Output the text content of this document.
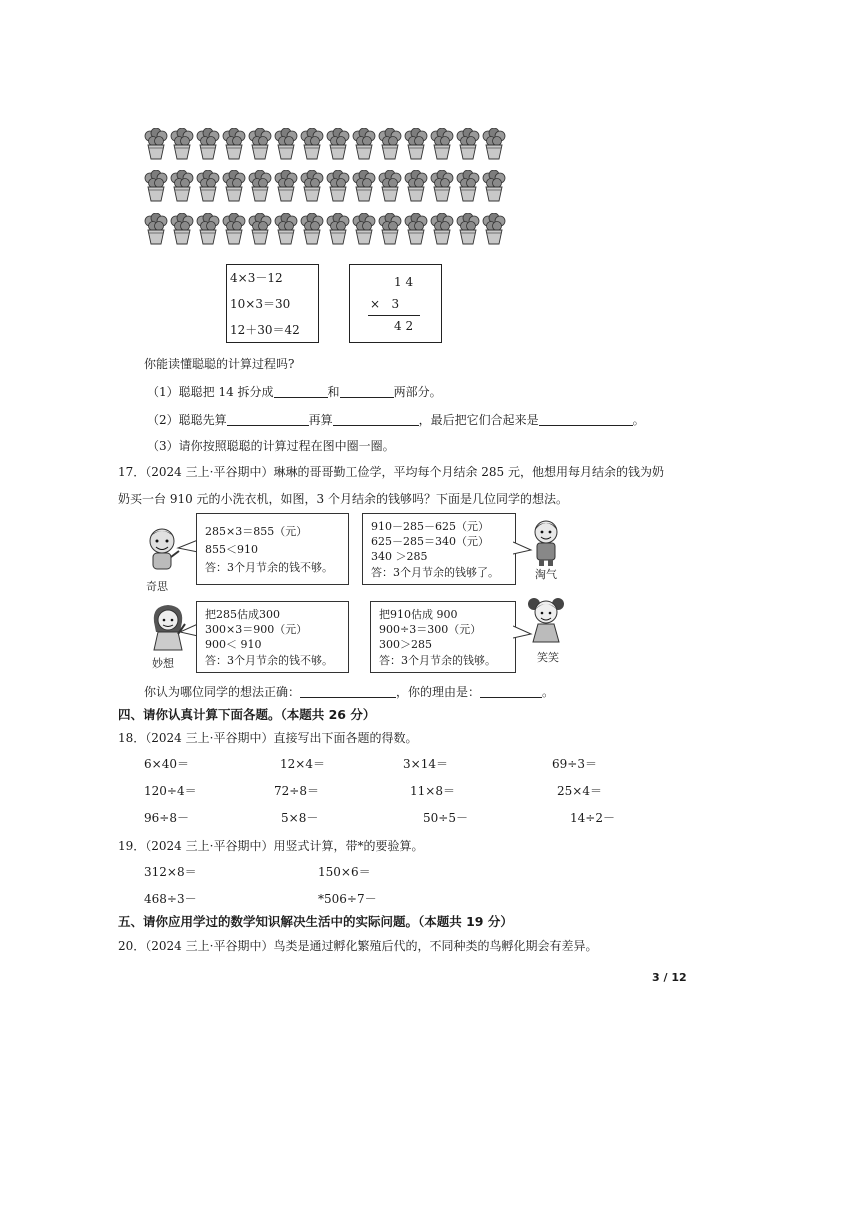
4×3－12
10×3＝30
12＋30＝42
1 4
×   3
4 2
你能读懂聪聪的计算过程吗?
（1）聪聪把 14 拆分成	和	两部分。
（2）聪聪先算	再算	，最后把它们合起来是	。
（3）请你按照聪聪的计算过程在图中圈一圈。
17．（2024 三上·平谷期中）琳琳的哥哥勤工俭学，平均每个月结余 285 元，他想用每月结余的钱为奶
奶买一台 910 元的小洗衣机，如图，3 个月结余的钱够吗？下面是几位同学的想法。
奇思
淘气
妙想	笑笑
285×3＝855（元）
855＜910
答：3个月节余的钱不够。
910－285－625（元）
625－285＝340（元）
340 ＞285
答：3个月节余的钱够了。
把285估成300
300×3＝900（元）
900＜ 910
答：3个月节余的钱不够。
把910估成 900
900÷3＝300（元）
300＞285
答：3个月节余的钱够。
你认为哪位同学的想法正确：	，你的理由是：	。
四、请你认真计算下面各题。（本题共 26 分）
18．（2024 三上·平谷期中）直接写出下面各题的得数。
6×40＝	12×4＝	3×14＝	69÷3＝
120÷4＝	72÷8＝	11×8＝	25×4＝
96÷8－	5×8－	50÷5－	14÷2－
19．（2024 三上·平谷期中）用竖式计算，带*的要验算。
312×8＝	150×6＝
468÷3－	*506÷7－
五、请你应用学过的数学知识解决生活中的实际问题。（本题共 19 分）
20．（2024 三上·平谷期中）鸟类是通过孵化繁殖后代的，不同种类的鸟孵化期会有差异。
3 / 12
